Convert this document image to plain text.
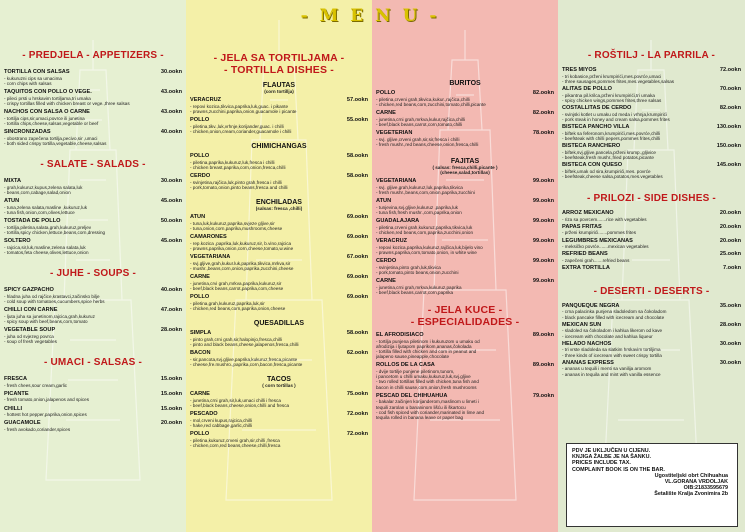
- PREDJELA - APPETIZERS -
TORTILLA CON SALSAS	30.ookn
- kukuruzni cips sa umacima
- corn chips with salsas
TAQUITOS CON POLLO O VEGE.	43.ookn
- pileci prsti u hrskavim tortiljama,tri umaka
- crispy tortillas filled with chicken breast or vege.,three salsas
NACHOS CON SALSA O CARNE	43.ookn
- tortilja cips,sir,umaci,povrce ili junetina
- tortilla chips,cheese,salsas,vegetable or beef
SINCRONIZADAS	40.ookn
- obostrano zapečena tortilja,pecivo,sir ,umaci
- both sided crispy tortilla,vegetable,cheese,salsas
- SALATE - SALADS -
MIXTA	30.ookn
- grah,kukuruz,kupus,zelena salata,luk
- beans,corn,cabage,salad,onion
ATUN	45.ookn
- tuna,zelena salata,masline ,kukuruz,luk
- tuna fish,onion,corn,olives,lettuce
TOSTADA DE POLLO	50.ookn
- tortilja,piletina,salata,grah,kukuruz,preljev
- tortilla,spicy chicken,lettuce,beans,corn,dressing
SOLTERO	45.ookn
- rajcica,sir,luk,masline,zelena salata,luk
- tomatos,feta cheese,olives,lettuce,onion
- JUHE - SOUPS -
SPICY GAZPACHO	40.ookn
- hladna juha od rajčice,krastavci,začinsko bilje
- cold soup with tomatoes,cucumbers,spice herbs
CHILLI CON CARNE	47.ookn
- ljuta juha sa junetinom,rajcica,grah,kukuruz
- spicy soup with beef,beans,corn,tomato
VEGETABLE SOUP	28.ookn
- juha od svjezeg povrca
- soup of fresh vegetables
- UMACI - SALSAS -
FRESCA	15.ookn
- fresh chees,sour cream,garlic
PICANTE	15.ookn
- fresh tomato,onion,jalapenos and spices
CHILLI	15.ookn
- hottest hot pepper,paprika,onion,spices
GUACAMOLE	20.ookn
- fresh avokado,coriander,spices
- JELA SA TORTILJAMA -
- TORTILLA DISHES -
FLAUTAS
(corn tortillja)
VERACRUZ	57.ookn
- repovi kozica,tikvica,paprika,luk,guac. i pikante
- prawns,zucchini,paprika,onion,guacamole i picante
POLLO	55.ookn
- piletina,tikv.,luk,vrhnje,korijander,guac. i chilli
- chicken,onion,cream,coriander,guacamole i chilli
CHIMICHANGAS
POLLO	58.ookn
- piletina,paprika,kukuruz,luk,fresca i chilli
- chicken breast,paprika,corn,onion,fresca,chilli
CERDO	58.ookn
- svinjetina,rajčica,luk,pinto grah,fresca i chilli
- pork,tomato,onion,pinto beans,fresca and chilli
ENCHILADAS
(salsas: fresca ,chilli)
ATUN	69.ookn
- tuna,luk,kukuruz,paprika,svjeze gljive,sir
- tuna,onion,corn,paprika,mushrooms,cheese
CAMARONES	69.ookn
- rep.kozica ,paprika,luk,kukuruz,sir, b.vino,rajcica
- prawns,paprika,onion,corn,cheese,tomato,w.wine
VEGETARIANA	67.ookn
- svj.gljive,grah,kukur.luk,paprika,tikvica,mrkva,sir
- mushr.,beans,corn,onion,paprika,zucchini,cheese
CARNE	69.ookn
- junetina,crvi grah,mrkva,paprika,kukuruz,sir
- beef,black beans,carrot,paprika,corn,cheese
POLLO	69.ookn
- piletina,grah,kukuruz,paprika,luk,sir
- chicken,red beans,corn,paprika,onion,cheese
QUESADILLAS
SIMPLA	58.ookn
- pinto grah,crni grah,sir,halopinjo,fresca,chilli
- pinto and black beans,cheese,jalapenos,fresca,chilli
BACON	62.ookn
- sir,pancota,svj.gljive,paprika,kukuruz,fresca,picante
- cheese,fre.mushro.,paprika,corn,bacon,fresca,picante
TACOS
( corn tortillas )
CARNE	75.ookn
- junetina,crni grah,sir,luk,umaci chilli i fresca
- beef,black beans,cheese,onion,chilli and fresca
PESCADO	72.ookn
- mol,crveni kupus,rajcica,chilli
- hake,red cabbage,garlic,chilli
POLLO	72.ookn
- piletina,kukuruz,crveni grah,sir,chilli ,fresca
- chicken,corn,red beans,cheese,chilli,fresca
BURITOS
POLLO	82.ookn
- piletina,crveni grah,tikvica,kukur.,rajčica,chilli
- chicken,red beans,corn,zucchini,tomato,chilli,picante
CARNE	82.ookn
- junetina,crni grah,mrkva,kukur,rajčica,chilli
- beef,black beans,carrot,corn,tomato,chilli
VEGETERIAN	78.ookn
- svj. gljive,crveni grah,sir,sir,fresca i chilli
- fresh mushr.,red beans,cheese,onion,fresca,chilli
FAJITAS
( salsas: fresca,chilli,picante )
(cheese,salad,tortillas)
VEGETARIANA	99.ookn
- svj. gljive,grah,kukuruz,luk,paprika,tikvica
- fresh mushr.,beans,corn,onion,paprika,zucchini
ATUN	99.ookn
- tunjevina,svj.gljive,kukuruz ,paprika,luk
- tuna fish,fresh mushr.,corn,paprika,onion
GUADALAJARA	99.ookn
- piletina,crveni grah,kukuruz,paprika,tikvica,luk
- chicken,red beans,corn,paprika,zucchini,onion
VERACRUZ	99.ookn
- repovi kozica,paprika,kukuruz,rajčica,luk,bijelo vino
- prawns,paprika,corn,tomato,onion, in white wine
CERDO	99.ookn
- svinjetina,pinto grah,luk,tikvica
- pork,tomato,pinto beans,onion,zucchini
CARNE	99.ookn
- junetina,crni grah,mrkva,kukuruz,paprika
- beef,black beans,carrot,corn,paprika
- JELA KUCE -
- ESPECIALIDADES -
EL AFRODISIACO	89.ookn
- tortilja punjena piletinom i kukuruzom u umaku od
afrodizija i ljutapom paprikom,ananas,čokolada
- tortilla filled with chicken and corn in peanut and
jalapeno sause,pineapple,chocolate
ROLLOS DE LA CASA	89.ookn
- dvije tortilje punjene piletinom,tunom,
i pancetom u chilli umaku,kukuruz,luk,svj.gljive
- two rolled tortillas filled with chicken,tuna fish and
bacon in chilli sause,corn,onion,fresh mushrooms
PESCAD DEL CHIHUAHUA	79.ookn
- bakalar začinjen korijanderom,maslinom u limeti i
tequili zarolan u bananinom lišću ili škartocu
- cod fish spiced with coriander,marinated in lime and
tequila rolled in banana leave or paper bag
- ROŠTILJ - LA PARRILA -
TRES MIYOS	72.ookn
- tri kobasice,prženi krumpirići,mes.povrće,umaci
- three sausages,pommes frites,mes.vegetables,salsas
ALITAS DE POLLO	70.ookn
- pikantna pil.krilca,prženi krumpirići,tri umaka
- spicy chicken wings,pommes frites,three salsas
COSTALLITAS DE CERDO	82.ookn
- svinjski kotlet u umaku od meda i vrhnja,krumpirići
- pork steak in honey and cream salsa,pommes frites
BISTECA PANCHO VILLA	130.ookn
- biftek sa feferonom,krumpirići,mes.povrće,chilli
- beefsteak with chilli pepers,pommes frites,chilli
BISTECA RANCHERO	150.ookn
- biftek,svj.gljive,pancela,prženi krump.,gljivice
- beefsteak,fresh mushr.,fried potatos,picante
BISTECA CON QUESO	145.ookn
- biftek,umak od sira,krumpirići,mes. povrće
- beefsteak,cheese salsa,potatos,mes.vegetables
- PRILOZI - SIDE DISHES -
ARROZ MEXICANO	20.ookn
- riza sa povrcem.......rice with vegetables
PAPAS FRITAS	20.ookn
- prženi krumpirići.......pommes frites
LEGUMBRES MEXICANAS	20.ookn
- meksičko povrće.......mexican vegetables
REFRIED BEANS	25.ookn
- zapečeni grah.......refried beans
EXTRA TORTILLA	7.ookn
- DESERTI - DESERTS -
PANQUEQUE NEGRA	35.ookn
- crna palacinka punjena sladoledom sa čokoladom
- black pancake filled with icecream and chocolate
MEXICAN SUN	28.ookn
- sladoled sa čokoladom i kahlua likerom od kave
- icecream with chocolate and kahlua liqueur
HELADO NACHOS	30.ookn
- tri vrste sladoleda sa slatkim hrskavim tortiljima
- three kinds of icecream with sweet crispy tortilla
ANANAS EXPRESS	30.ookn
- ananas u tequili i menti sa vanilija aromom
- ananas in tequila and mint with vanilla essence
- M E N U -
PDV JE UKLJUČEN U CIJENU.
KNJIGA ŽALBE JE NA ŠANKU.
PRICES INCLUDE TAX.
COMPLAINT BOOK IS ON THE BAR.
Ugostiteljski obrt Chihuahua
VL.GORANA VRDOLJAK
OIB:21833595679
Šetalište Kralja Zvonimira 2b
